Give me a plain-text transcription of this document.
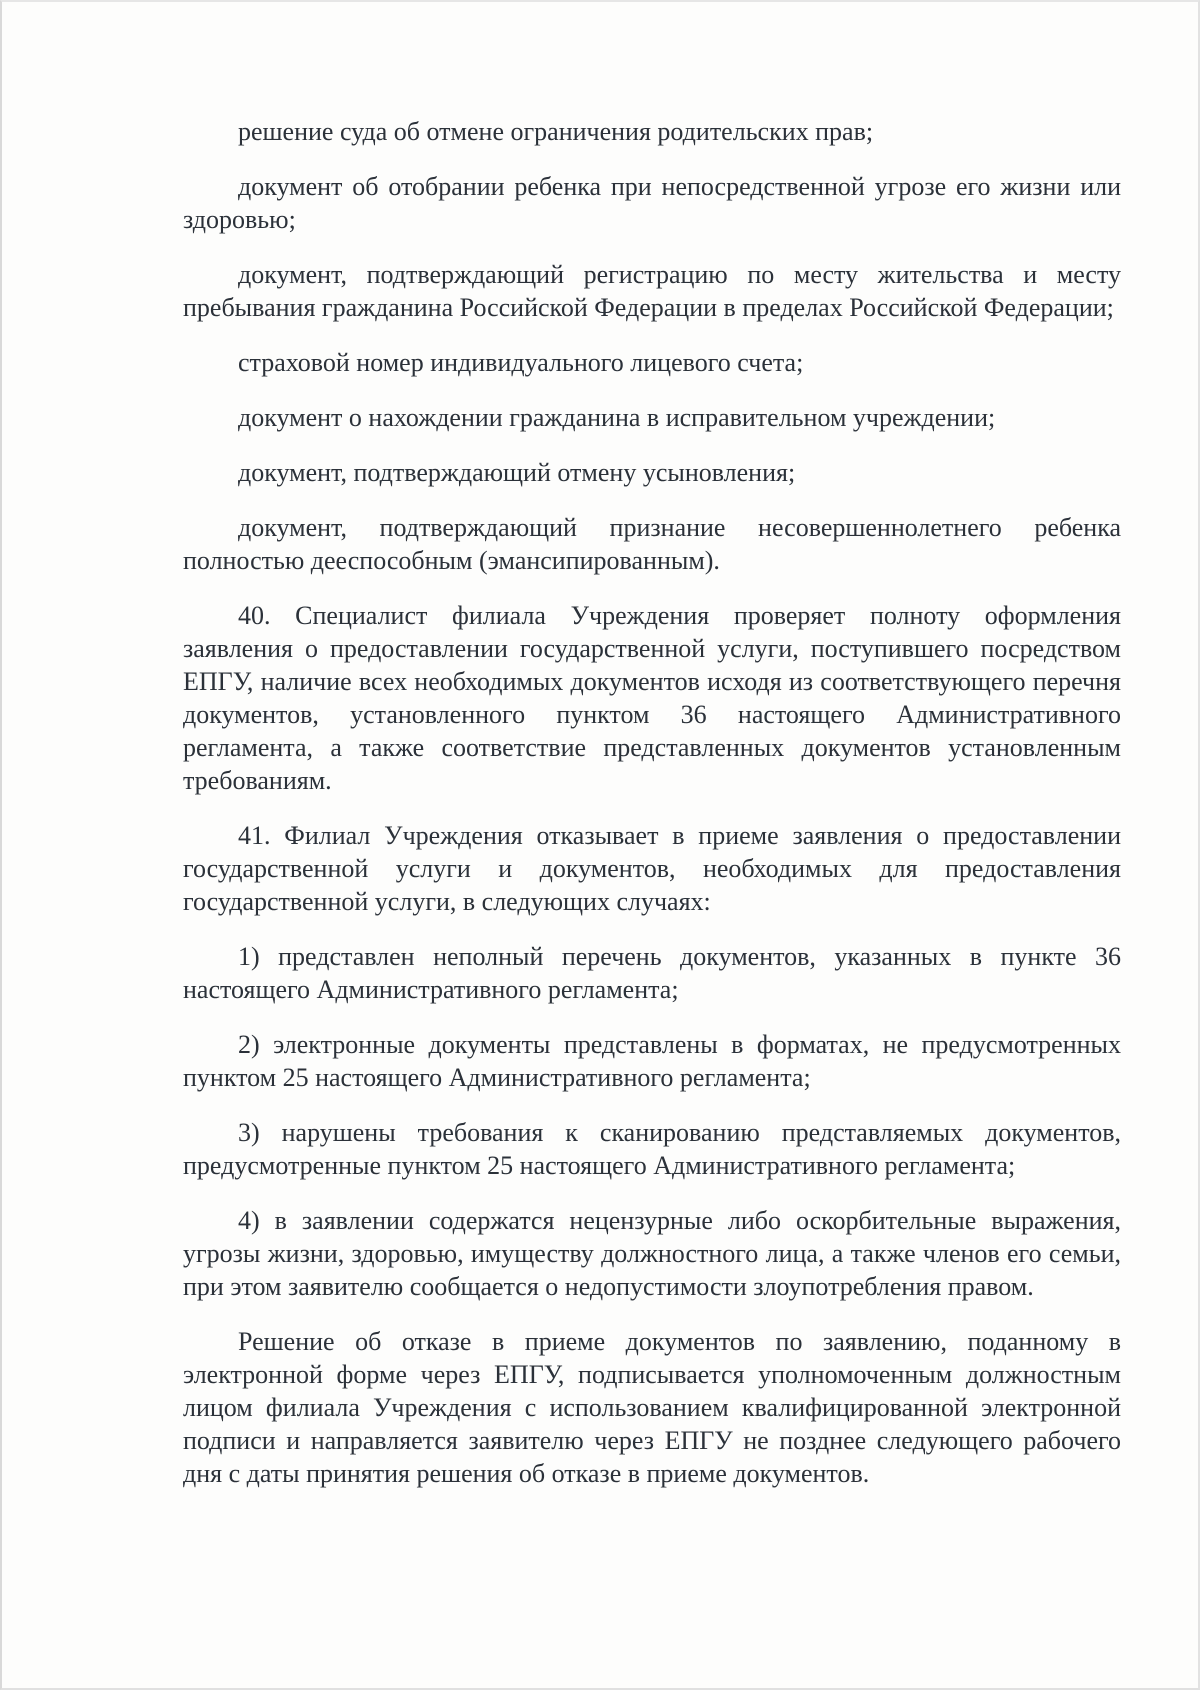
решение суда об отмене ограничения родительских прав;

документ об отобрании ребенка при непосредственной угрозе его жизни или здоровью;

документ, подтверждающий регистрацию по месту жительства и месту пребывания гражданина Российской Федерации в пределах Российской Федерации;

страховой номер индивидуального лицевого счета;

документ о нахождении гражданина в исправительном учреждении;

документ, подтверждающий отмену усыновления;

документ, подтверждающий признание несовершеннолетнего ребенка полностью дееспособным (эмансипированным).

40. Специалист филиала Учреждения проверяет полноту оформления заявления о предоставлении государственной услуги, поступившего посредством ЕПГУ, наличие всех необходимых документов исходя из соответствующего перечня документов, установленного пунктом 36 настоящего Административного регламента, а также соответствие представленных документов установленным требованиям.

41. Филиал Учреждения отказывает в приеме заявления о предоставлении государственной услуги и документов, необходимых для предоставления государственной услуги, в следующих случаях:

1) представлен неполный перечень документов, указанных в пункте 36 настоящего Административного регламента;

2) электронные документы представлены в форматах, не предусмотренных пунктом 25 настоящего Административного регламента;

3) нарушены требования к сканированию представляемых документов, предусмотренные пунктом 25 настоящего Административного регламента;

4) в заявлении содержатся нецензурные либо оскорбительные выражения, угрозы жизни, здоровью, имуществу должностного лица, а также членов его семьи, при этом заявителю сообщается о недопустимости злоупотребления правом.

Решение об отказе в приеме документов по заявлению, поданному в электронной форме через ЕПГУ, подписывается уполномоченным должностным лицом филиала Учреждения с использованием квалифицированной электронной подписи и направляется заявителю через ЕПГУ не позднее следующего рабочего дня с даты принятия решения об отказе в приеме документов.
